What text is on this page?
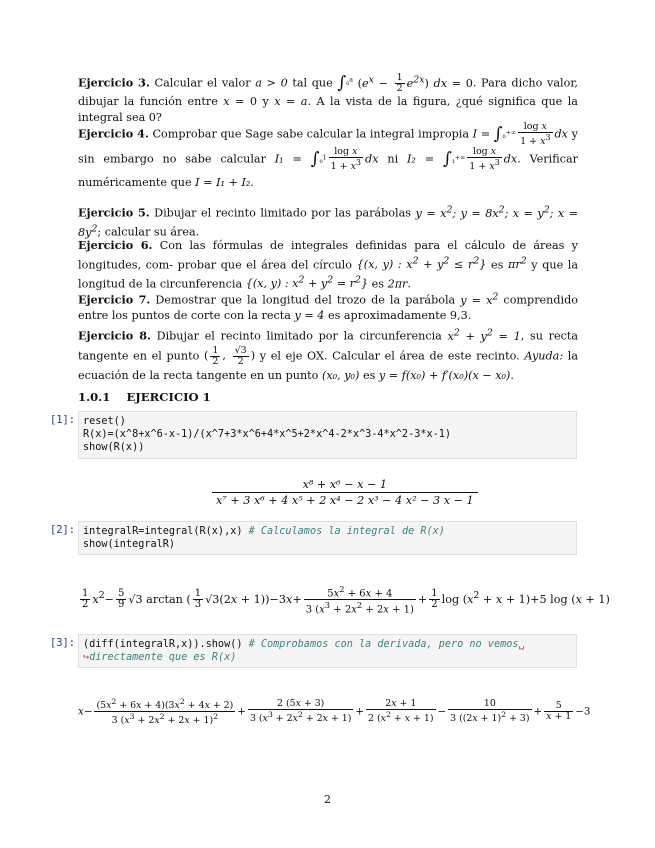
Ejercicio 3. Calcular el valor a > 0 tal que ∫$^{_0^a}$ $(e^x - \frac{1}{2} e^{2x})$ dx = 0. Para dicho valor, dibujar la función entre x = 0 y x = a. A la vista de la figura, ¿qué significa que la integral sea 0?

Ejercicio 4. Comprobar que Sage sabe calcular la integral impropia $I = \int^{_0^{+\infty}} \frac{\text{log x}}{1 + x^3}$ dx y sin embargo no sabe calcular $I_1 = \int^{_0^1} \frac{\text{log x}}{1 + x^3}$ dx ni $I_2 = \int^{_1^{+\infty}} \frac{\text{log x}}{1 + x^3}$ dx. Verificar numéricamente que I = I₁ + I₂.

Ejercicio 5. Dibujar el recinto limitado por las parábolas $y = x^2$; $y = 8x^2$; $x = y^2$; $x = 8y^2$; calcular su área.

Ejercicio 6. Con las fórmulas de integrales definidas para el cálculo de áreas y longitudes, com- probar que el área del círculo {(x, y) : $x^2 + y^2 \le r^2$} es $\pi r^2$ y que la longitud de la circunferencia {(x, y) : $x^2 + y^2 = r^2$} es 2πr.

Ejercicio 7. Demostrar que la longitud del trozo de la parábola $y = x^2$ comprendido entre los puntos de corte con la recta y = 4 es aproximadamente 9,3.

Ejercicio 8. Dibujar el recinto limitado por la circunferencia $x^2 + y^2 = 1$, su recta tangente en el punto ( $\frac{1}{2}$ , $\frac{√3}{2}$ ) y el eje OX. Calcular el área de este recinto. Ayuda: la ecuación de la recta tangente en un punto (x₀, y₀) es y = f(x₀) + f′(x₀)(x − x₀).

1.0.1 EJERCICIO 1
[1]: reset()
R(x)=(x^8+x^6-x-1)/(x^7+3*x^6+4*x^5+2*x^4-2*x^3-4*x^2-3*x-1)
show(R(x))
$\frac{\text{x⁸ + x⁶ − x − 1}}{\text{x⁷ + 3 x⁶ + 4 x⁵ + 2 x⁴ − 2 x³ − 4 x² − 3 x − 1}}$
[2]: integralR=integral(R(x),x) # Calculamos la integral de R(x)
show(integralR)
$\frac{1}{2} x^2- \frac{5}{9} √3$ arctan ( $\frac{1}{3} √3(2x + 1))-3x+ \frac{5x^2 + 6x + 4}{3 (x^3 + 2x^2 + 2x + 1)} + \frac{1}{2}$ $\log (x^2 + x + 1)+5$ log (x + 1)
[3]: (diff(integralR,x)).show() # Comprobamos con la derivada, pero no vemos␣
↪directamente que es R(x)
$x- \frac{(5x^2 + 6x + 4)(3x^2 + 4x + 2)}{3 (x^3 + 2x^2 + 2x + 1)^2} + \frac{2 (5x + 3)}{3 (x^3 + 2x^2 + 2x + 1)} + \frac{2x + 1}{2 (x^2 + x + 1)} - \frac{10}{3 ((2x + 1)^2 + 3)} + \frac{5}{x + 1} -3$
2
